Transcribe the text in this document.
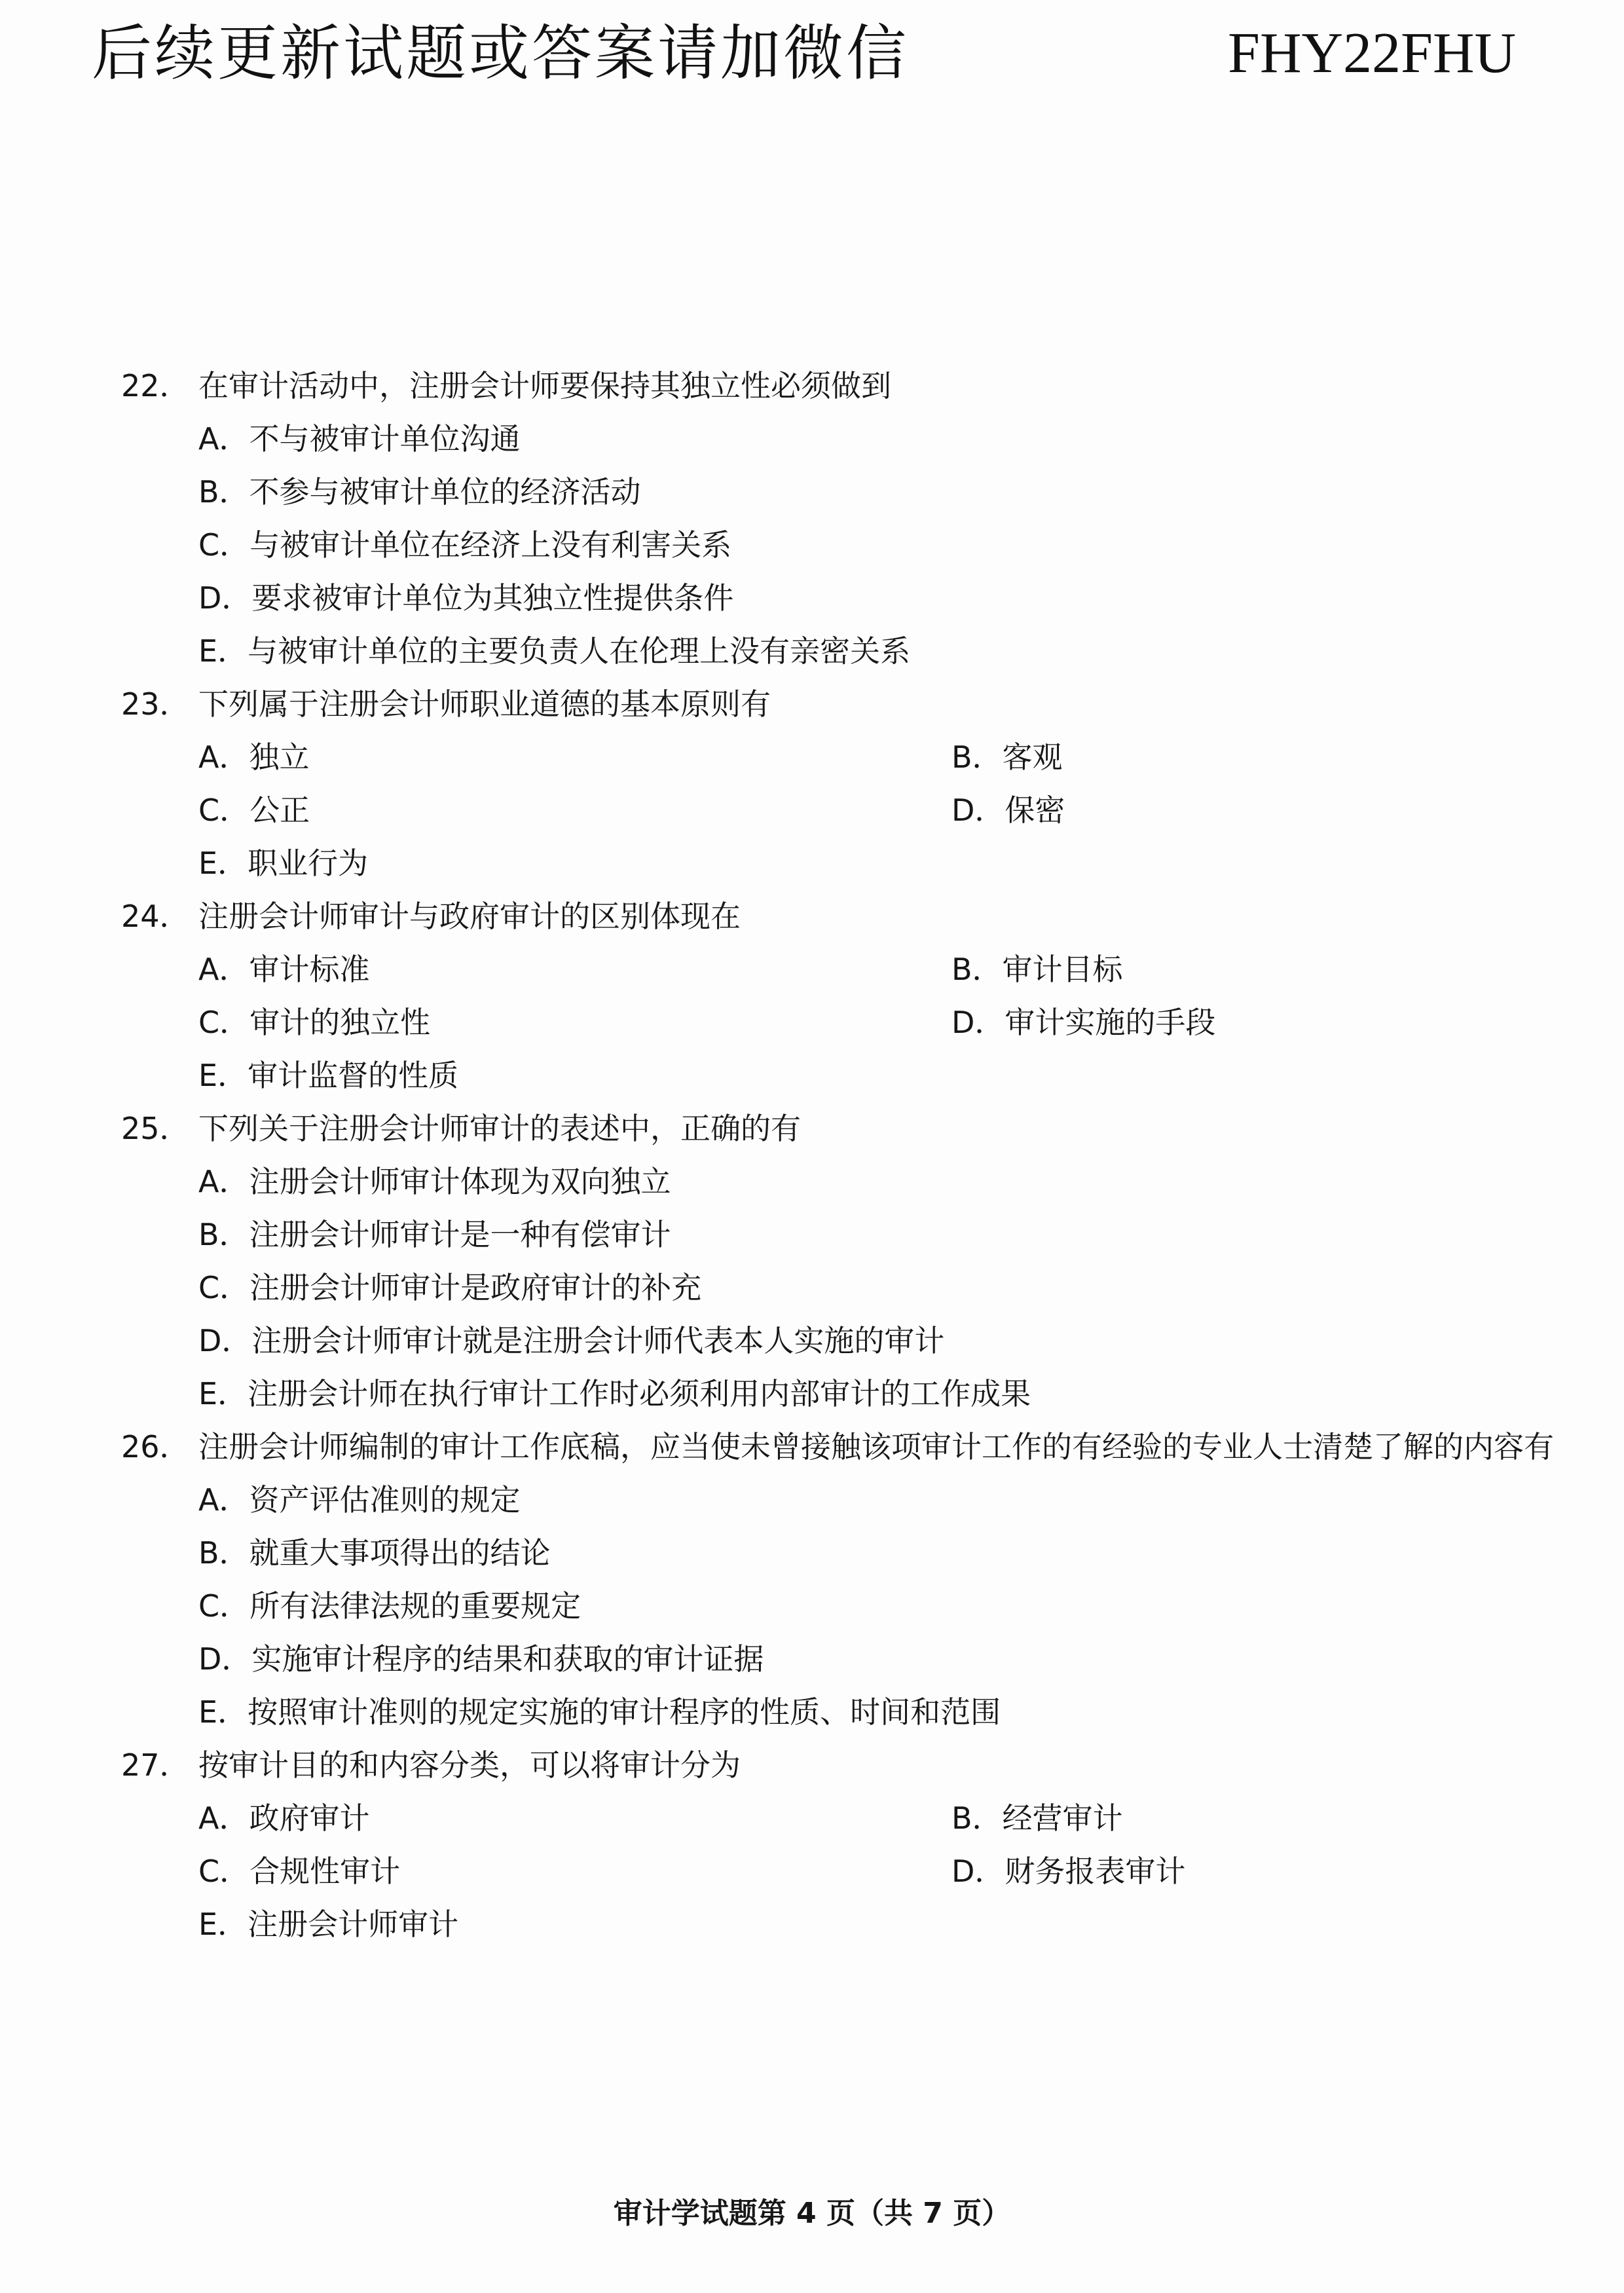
后续更新试题或答案请加微信	FHY22FHU
22． 在审计活动中，注册会计师要保持其独立性必须做到
A．不与被审计单位沟通
B．不参与被审计单位的经济活动
C．与被审计单位在经济上没有利害关系
D．要求被审计单位为其独立性提供条件
E．与被审计单位的主要负责人在伦理上没有亲密关系
23． 下列属于注册会计师职业道德的基本原则有
A．独立	B．客观
C．公正	D．保密
E．职业行为
24． 注册会计师审计与政府审计的区别体现在
A．审计标准	B．审计目标
C．审计的独立性	D．审计实施的手段
E．审计监督的性质
25． 下列关于注册会计师审计的表述中，正确的有
A．注册会计师审计体现为双向独立
B．注册会计师审计是一种有偿审计
C．注册会计师审计是政府审计的补充
D．注册会计师审计就是注册会计师代表本人实施的审计
E．注册会计师在执行审计工作时必须利用内部审计的工作成果
26． 注册会计师编制的审计工作底稿，应当使未曾接触该项审计工作的有经验的专业人士清楚了解的内容有
A．资产评估准则的规定
B．就重大事项得出的结论
C．所有法律法规的重要规定
D．实施审计程序的结果和获取的审计证据
E．按照审计准则的规定实施的审计程序的性质、时间和范围
27． 按审计目的和内容分类，可以将审计分为
A．政府审计	B．经营审计
C．合规性审计	D．财务报表审计
E．注册会计师审计
审计学试题第 4 页（共 7 页）
